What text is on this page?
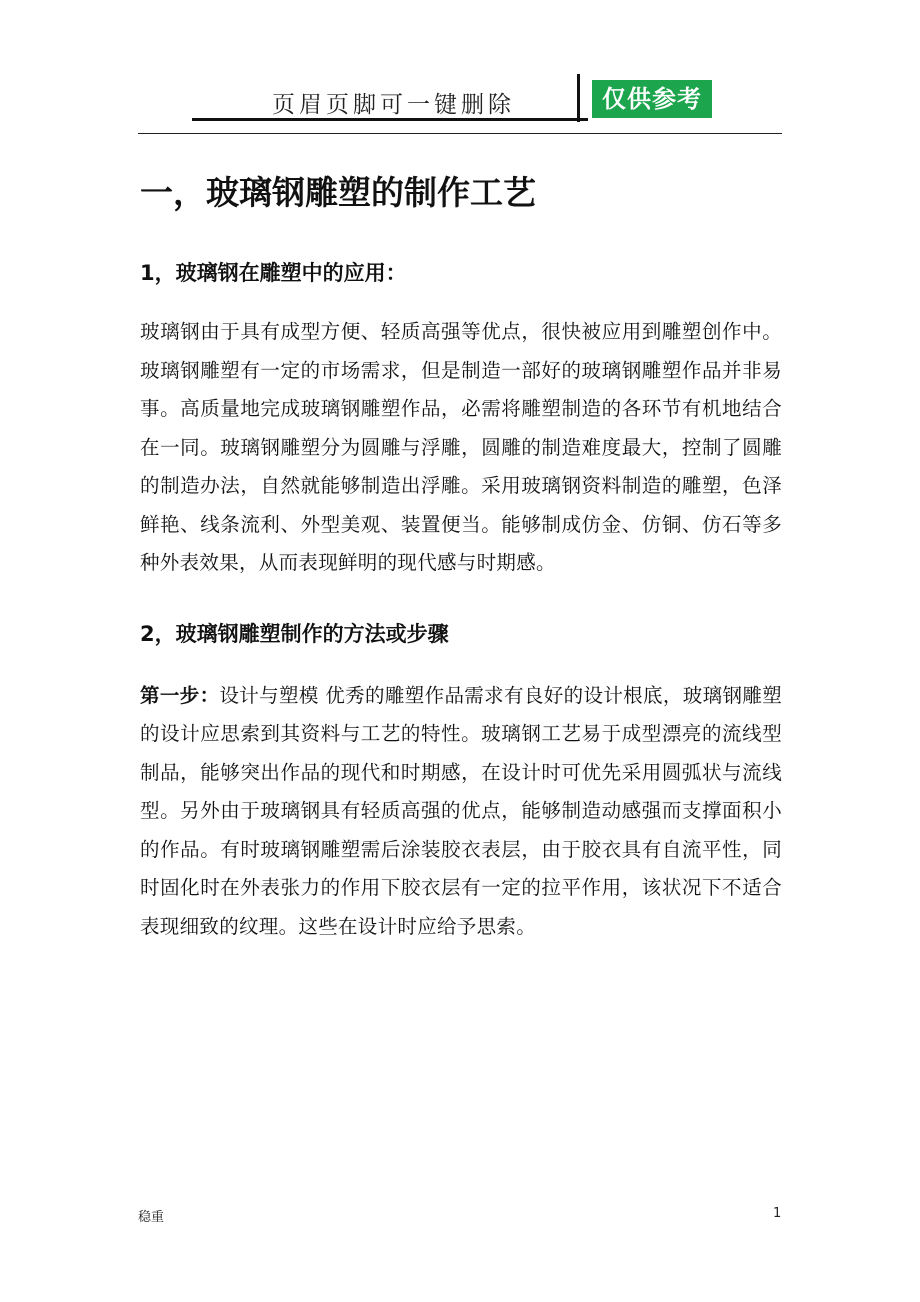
页眉页脚可一键删除	仅供参考
一，玻璃钢雕塑的制作工艺
1，玻璃钢在雕塑中的应用：

玻璃钢由于具有成型方便、轻质高强等优点，很快被应用到雕塑创作中。玻璃钢雕塑有一定的市场需求，但是制造一部好的玻璃钢雕塑作品并非易事。高质量地完成玻璃钢雕塑作品，必需将雕塑制造的各环节有机地结合在一同。玻璃钢雕塑分为圆雕与浮雕，圆雕的制造难度最大，控制了圆雕的制造办法，自然就能够制造出浮雕。采用玻璃钢资料制造的雕塑，色泽鲜艳、线条流利、外型美观、装置便当。能够制成仿金、仿铜、仿石等多种外表效果，从而表现鲜明的现代感与时期感。

2，玻璃钢雕塑制作的方法或步骤

第一步：设计与塑模 优秀的雕塑作品需求有良好的设计根底，玻璃钢雕塑的设计应思索到其资料与工艺的特性。玻璃钢工艺易于成型漂亮的流线型制品，能够突出作品的现代和时期感，在设计时可优先采用圆弧状与流线型。另外由于玻璃钢具有轻质高强的优点，能够制造动感强而支撑面积小的作品。有时玻璃钢雕塑需后涂装胶衣表层，由于胶衣具有自流平性，同时固化时在外表张力的作用下胶衣层有一定的拉平作用，该状况下不适合表现细致的纹理。这些在设计时应给予思索。

稳重	1
